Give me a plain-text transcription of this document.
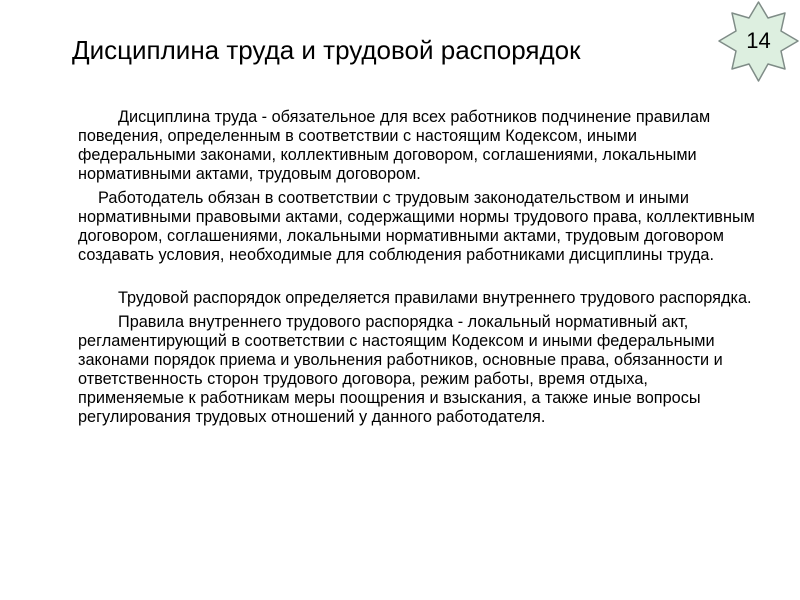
Дисциплина труда и трудовой распорядок	14

Дисциплина труда - обязательное для всех работников подчинение правилам поведения, определенным в соответствии с настоящим Кодексом, иными федеральными законами, коллективным договором, соглашениями, локальными нормативными актами, трудовым договором.

Работодатель обязан в соответствии с трудовым законодательством и иными нормативными правовыми актами, содержащими нормы трудового права, коллективным договором, соглашениями, локальными нормативными актами, трудовым договором создавать условия, необходимые для соблюдения работниками дисциплины труда.

Трудовой распорядок определяется правилами внутреннего трудового распорядка.

Правила внутреннего трудового распорядка - локальный нормативный акт, регламентирующий в соответствии с настоящим Кодексом и иными федеральными законами порядок приема и увольнения работников, основные права, обязанности и ответственность сторон трудового договора, режим работы, время отдыха, применяемые к работникам меры поощрения и взыскания, а также иные вопросы регулирования трудовых отношений у данного работодателя.
